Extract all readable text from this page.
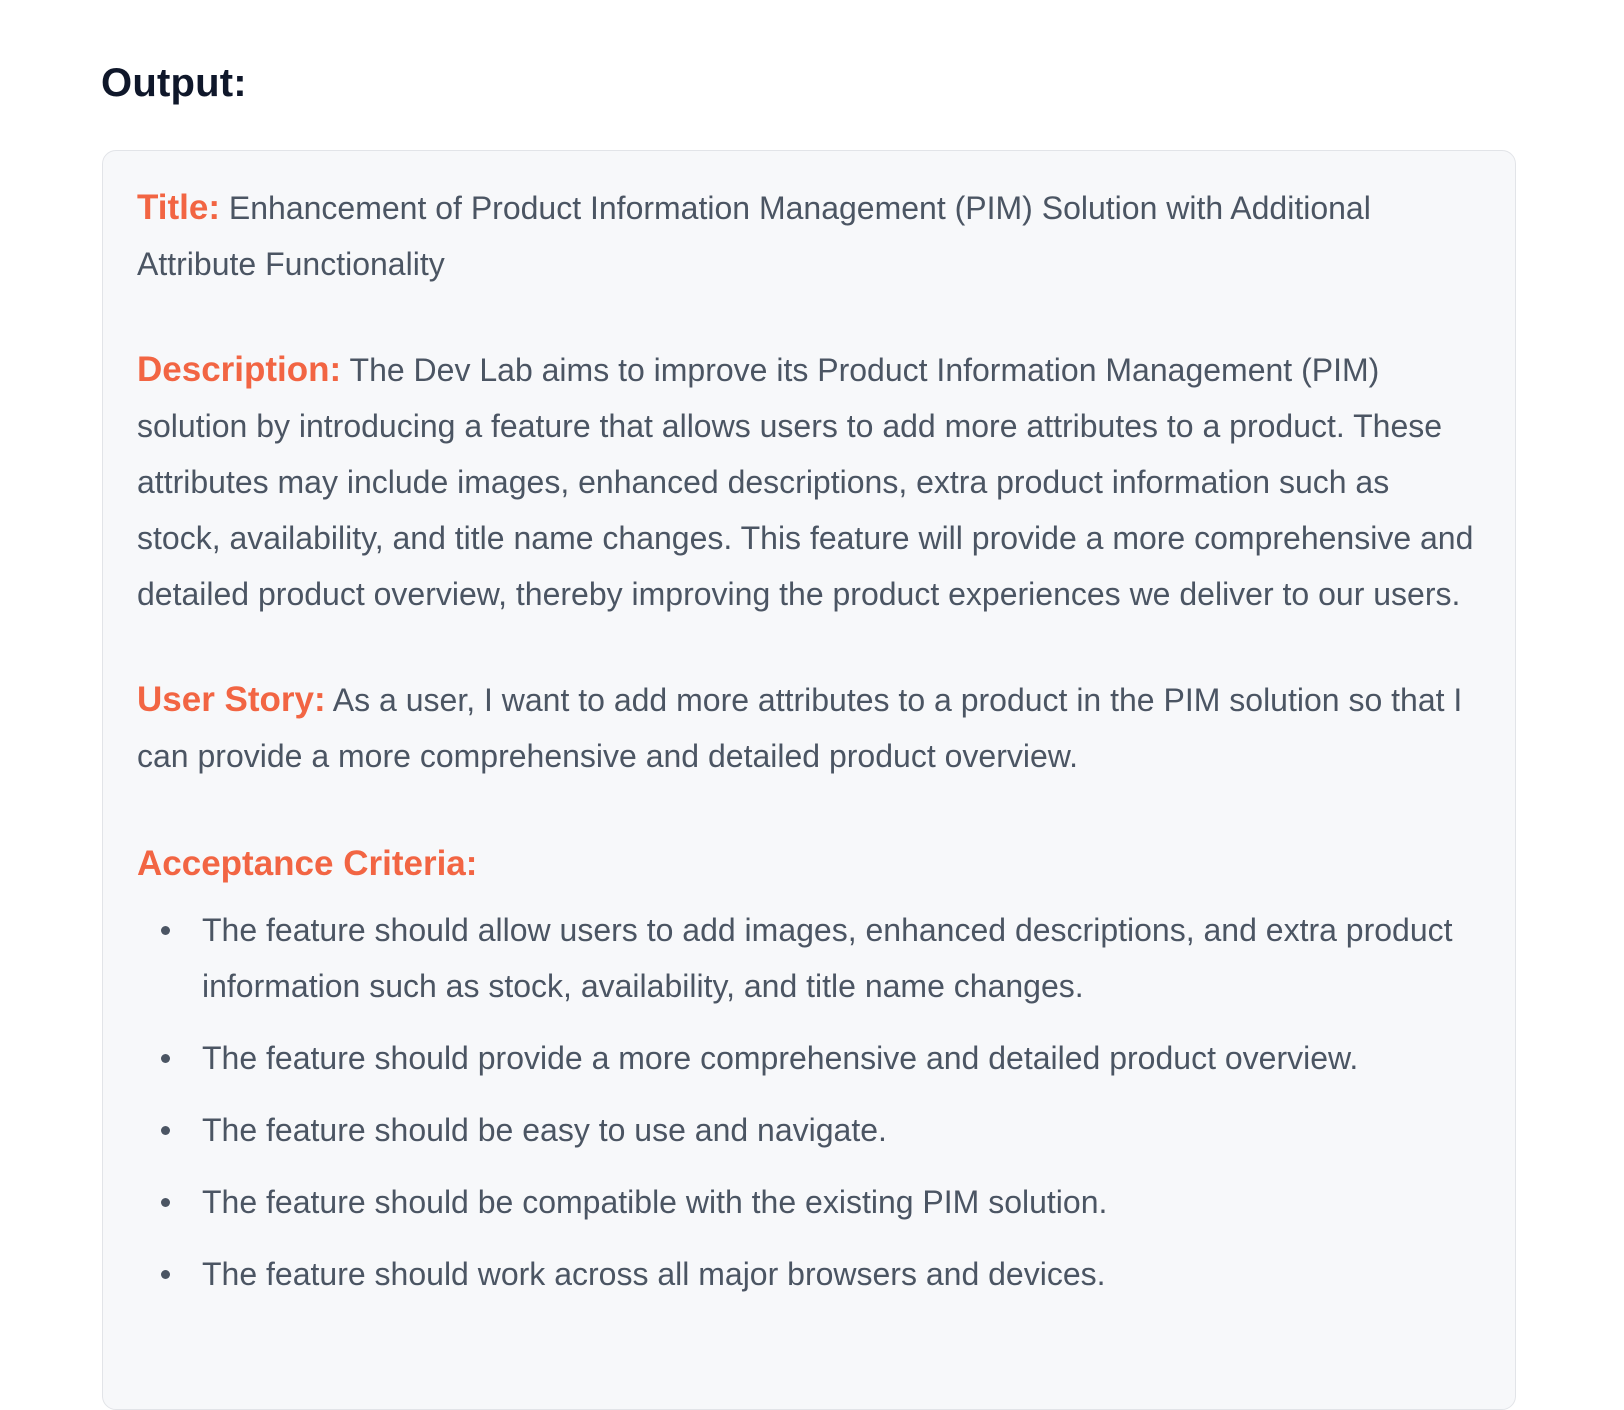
Output:

Title: Enhancement of Product Information Management (PIM) Solution with Additional Attribute Functionality

Description: The Dev Lab aims to improve its Product Information Management (PIM) solution by introducing a feature that allows users to add more attributes to a product. These attributes may include images, enhanced descriptions, extra product information such as stock, availability, and title name changes. This feature will provide a more comprehensive and detailed product overview, thereby improving the product experiences we deliver to our users.

User Story: As a user, I want to add more attributes to a product in the PIM solution so that I can provide a more comprehensive and detailed product overview.

Acceptance Criteria:
The feature should allow users to add images, enhanced descriptions, and extra product information such as stock, availability, and title name changes.
The feature should provide a more comprehensive and detailed product overview.
The feature should be easy to use and navigate.
The feature should be compatible with the existing PIM solution.
The feature should work across all major browsers and devices.
